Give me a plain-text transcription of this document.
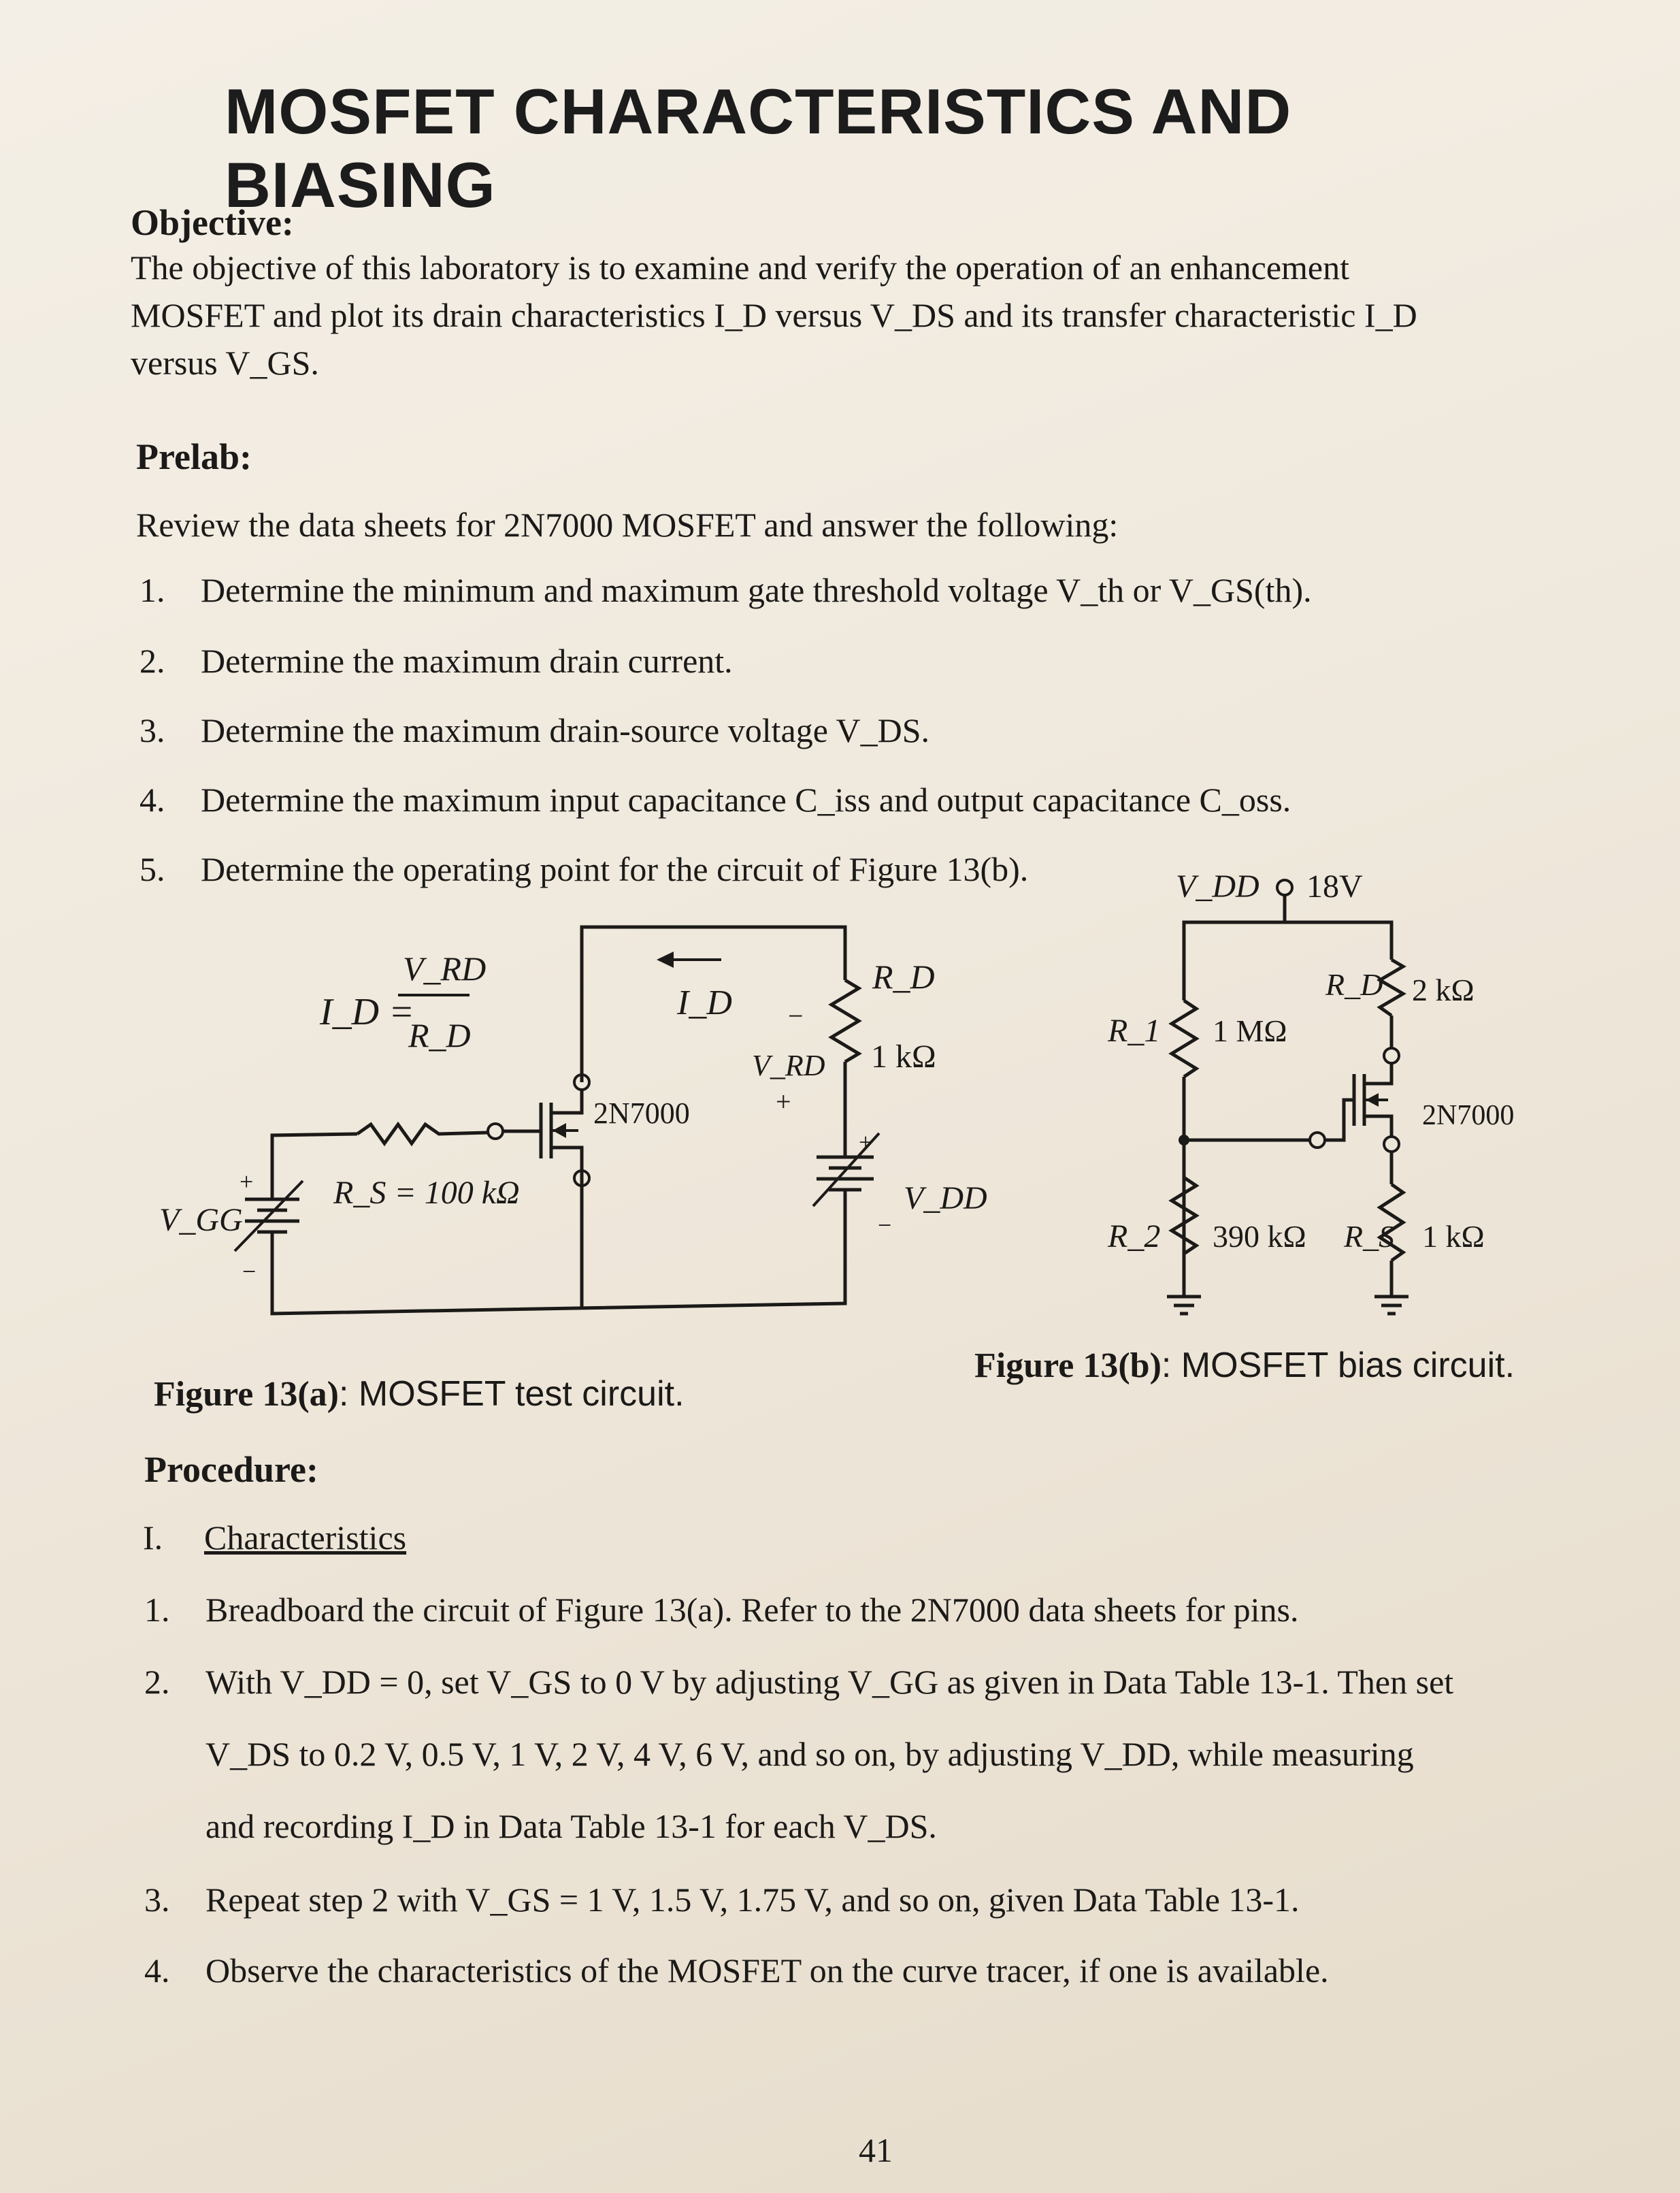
MOSFET CHARACTERISTICS AND BIASING
Objective:
The objective of this laboratory is to examine and verify the operation of an enhancement
MOSFET and plot its drain characteristics I_D versus V_DS and its transfer characteristic I_D
versus V_GS.
Prelab:
Review the data sheets for 2N7000 MOSFET and answer the following:
1. Determine the minimum and maximum gate threshold voltage V_th or V_GS(th).
2. Determine the maximum drain current.
3. Determine the maximum drain-source voltage V_DS.
4. Determine the maximum input capacitance C_iss and output capacitance C_oss.
5. Determine the operating point for the circuit of Figure 13(b).
I_D =
V_RD
R_D
2N7000
R_S = 100 kΩ
+
−
V_GG
I_D
R_D
1 kΩ
−
V_RD
+
+
−
V_DD
V_DD 18V
R_1 1 MΩ
R_D 2 kΩ
2N7000
R_S 1 kΩ
R_2 390 kΩ
Figure 13(a): MOSFET test circuit.
Figure 13(b): MOSFET bias circuit.
Procedure:
I. Characteristics
1. Breadboard the circuit of Figure 13(a). Refer to the 2N7000 data sheets for pins.
2. With V_DD = 0, set V_GS to 0 V by adjusting V_GG as given in Data Table 13-1. Then set
V_DS to 0.2 V, 0.5 V, 1 V, 2 V, 4 V, 6 V, and so on, by adjusting V_DD, while measuring
and recording I_D in Data Table 13-1 for each V_DS.
3. Repeat step 2 with V_GS = 1 V, 1.5 V, 1.75 V, and so on, given Data Table 13-1.
4. Observe the characteristics of the MOSFET on the curve tracer, if one is available.
41
